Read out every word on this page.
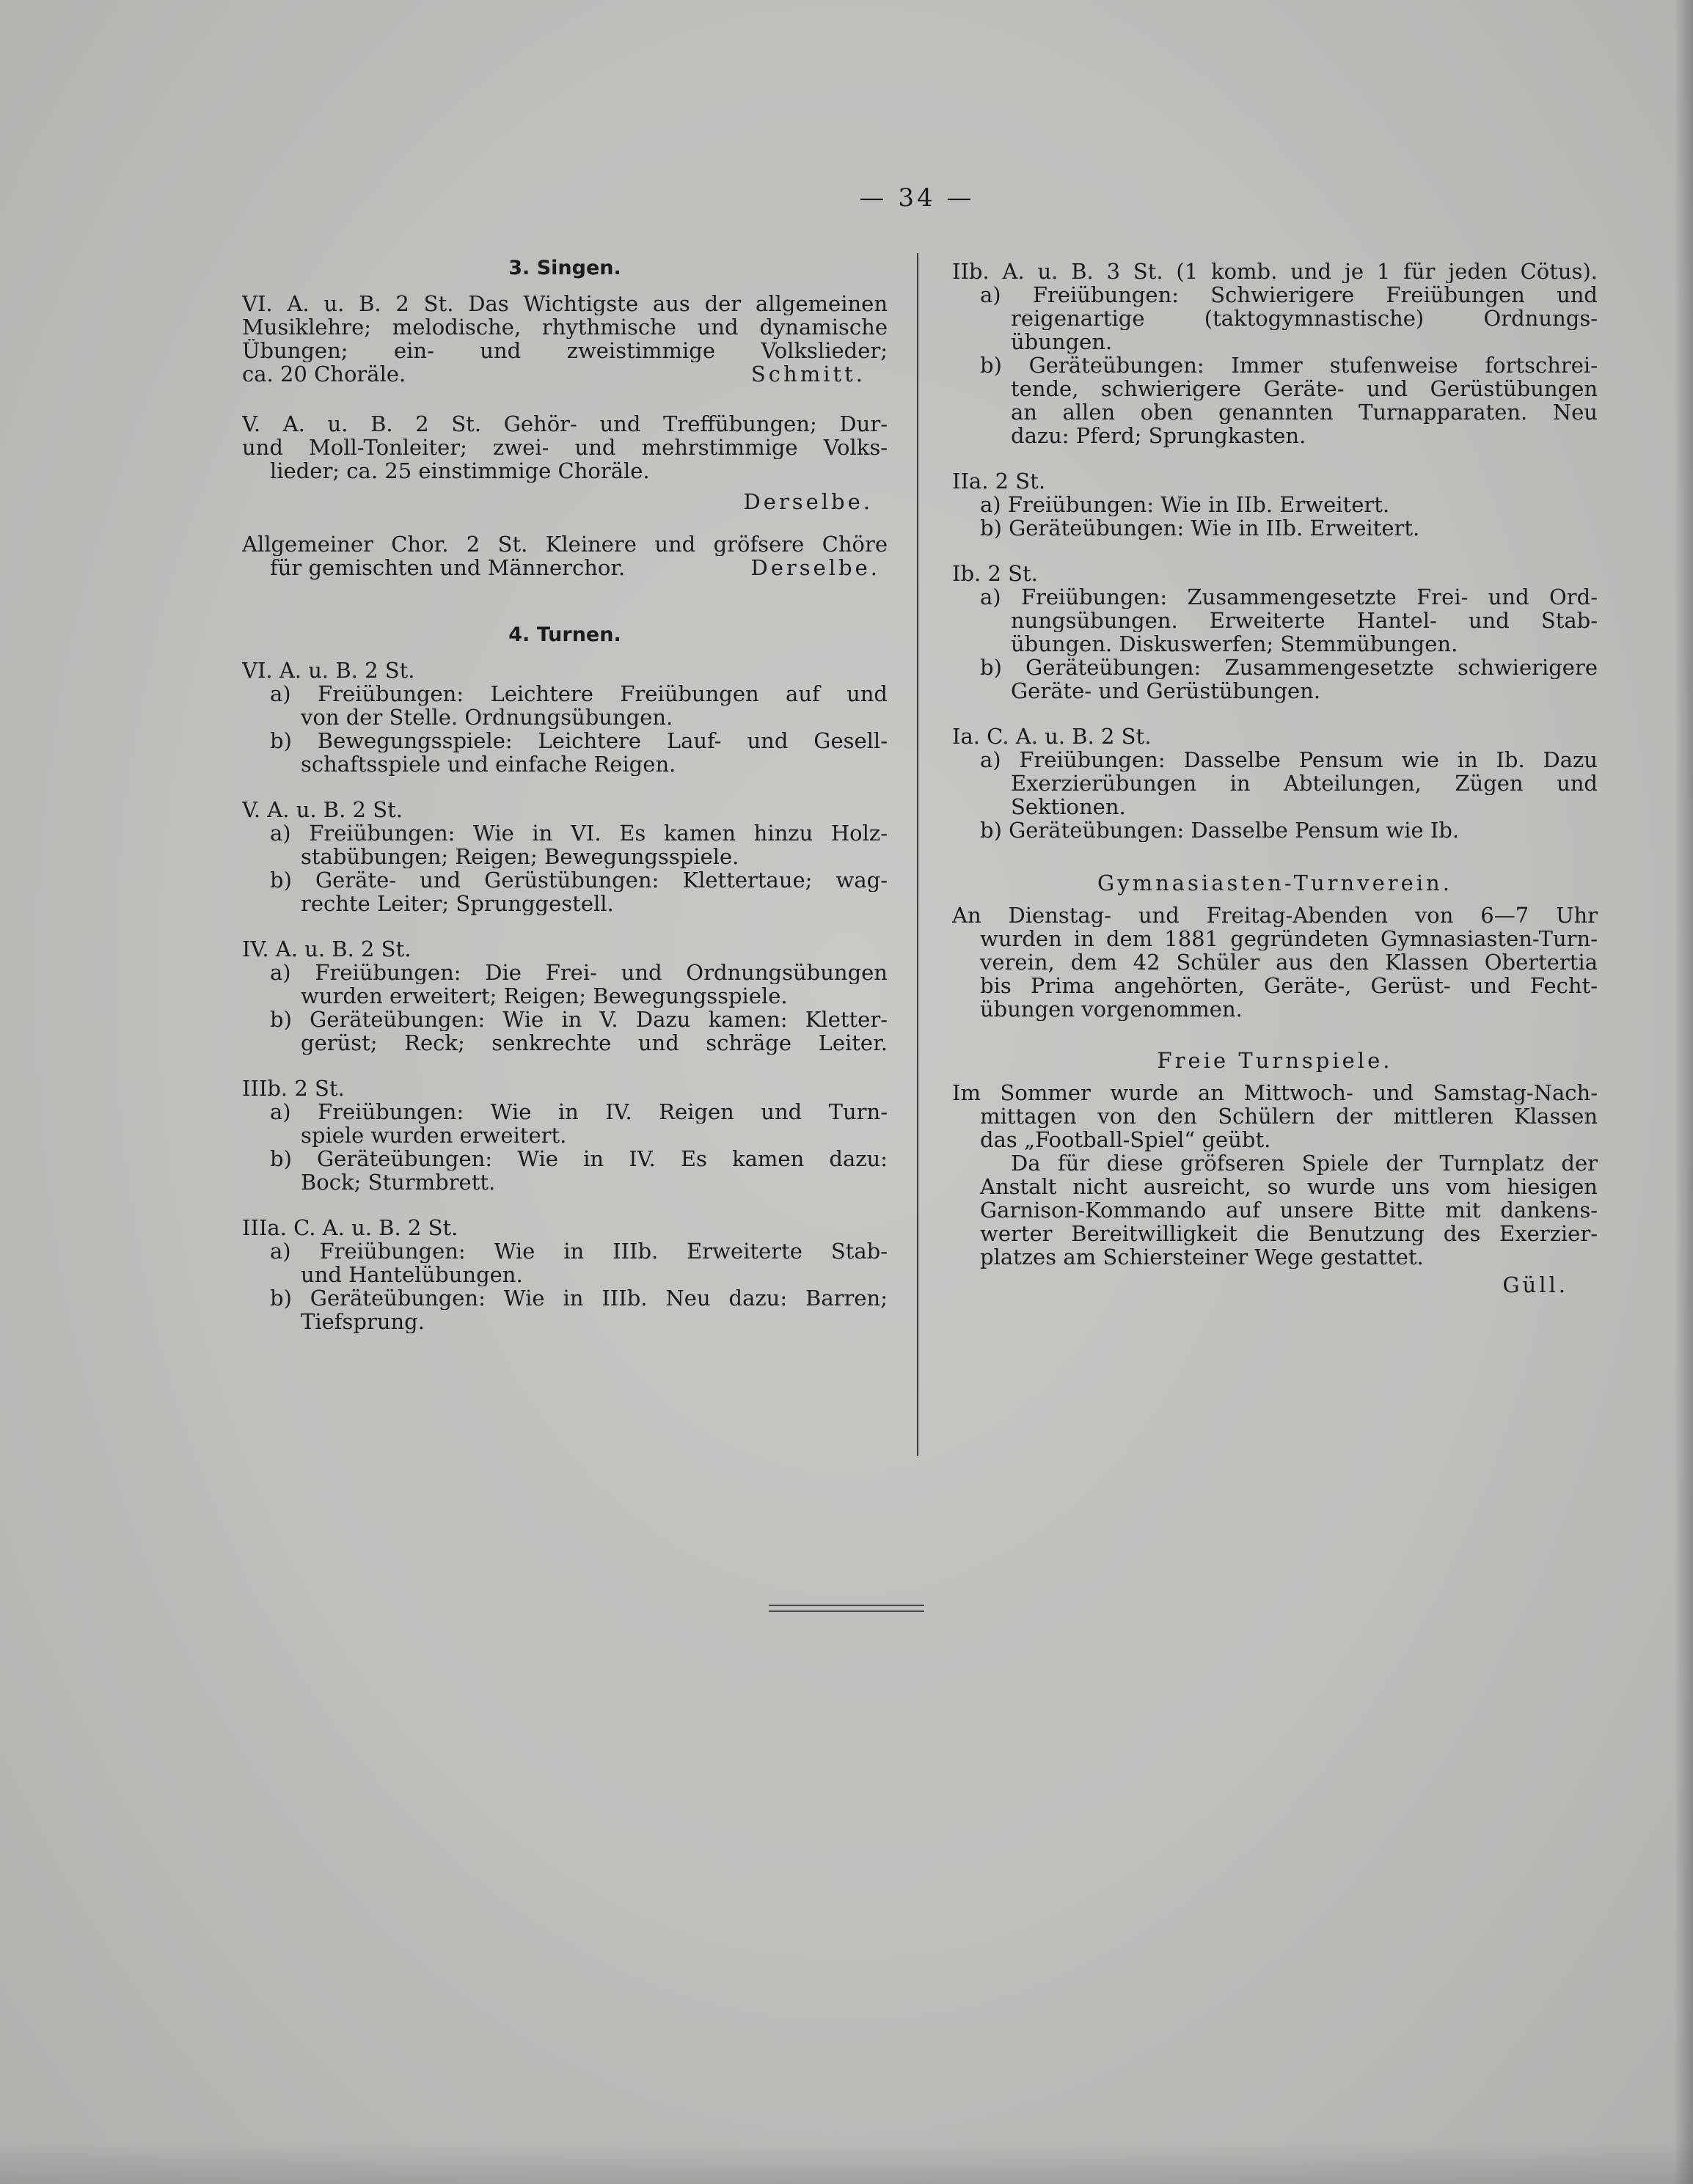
— 34 —
3. Singen.
VI. A. u. B. 2 St. Das Wichtigste aus der allgemeinen
Musiklehre; melodische, rhythmische und dynamische
Übungen; ein- und zweistimmige Volkslieder;
ca. 20 Choräle.	Schmitt.
V. A. u. B. 2 St. Gehör- und Treffübungen; Dur-
und Moll-Tonleiter; zwei- und mehrstimmige Volks-
lieder; ca. 25 einstimmige Choräle.
Derselbe.
Allgemeiner Chor. 2 St. Kleinere und gröfsere Chöre
für gemischten und Männerchor.	Derselbe.
4. Turnen.
VI. A. u. B. 2 St.
a) Freiübungen: Leichtere Freiübungen auf und
von der Stelle. Ordnungsübungen.
b) Bewegungsspiele: Leichtere Lauf- und Gesell-
schaftsspiele und einfache Reigen.
V. A. u. B. 2 St.
a) Freiübungen: Wie in VI. Es kamen hinzu Holz-
stabübungen; Reigen; Bewegungsspiele.
b) Geräte- und Gerüstübungen: Klettertaue; wag-
rechte Leiter; Sprunggestell.
IV. A. u. B. 2 St.
a) Freiübungen: Die Frei- und Ordnungsübungen
wurden erweitert; Reigen; Bewegungsspiele.
b) Geräteübungen: Wie in V. Dazu kamen: Kletter-
gerüst; Reck; senkrechte und schräge Leiter.
IIIb. 2 St.
a) Freiübungen: Wie in IV. Reigen und Turn-
spiele wurden erweitert.
b) Geräteübungen: Wie in IV. Es kamen dazu:
Bock; Sturmbrett.
IIIa. C. A. u. B. 2 St.
a) Freiübungen: Wie in IIIb. Erweiterte Stab-
und Hantelübungen.
b) Geräteübungen: Wie in IIIb. Neu dazu: Barren;
Tiefsprung.
IIb. A. u. B. 3 St. (1 komb. und je 1 für jeden Cötus).
a) Freiübungen: Schwierigere Freiübungen und
reigenartige (taktogymnastische) Ordnungs-
übungen.
b) Geräteübungen: Immer stufenweise fortschrei-
tende, schwierigere Geräte- und Gerüstübungen
an allen oben genannten Turnapparaten. Neu
dazu: Pferd; Sprungkasten.
IIa. 2 St.
a) Freiübungen: Wie in IIb. Erweitert.
b) Geräteübungen: Wie in IIb. Erweitert.
Ib. 2 St.
a) Freiübungen: Zusammengesetzte Frei- und Ord-
nungsübungen. Erweiterte Hantel- und Stab-
übungen. Diskuswerfen; Stemmübungen.
b) Geräteübungen: Zusammengesetzte schwierigere
Geräte- und Gerüstübungen.
Ia. C. A. u. B. 2 St.
a) Freiübungen: Dasselbe Pensum wie in Ib. Dazu
Exerzierübungen in Abteilungen, Zügen und
Sektionen.
b) Geräteübungen: Dasselbe Pensum wie Ib.
Gymnasiasten-Turnverein.
An Dienstag- und Freitag-Abenden von 6—7 Uhr
wurden in dem 1881 gegründeten Gymnasiasten-Turn-
verein, dem 42 Schüler aus den Klassen Obertertia
bis Prima angehörten, Geräte-, Gerüst- und Fecht-
übungen vorgenommen.
Freie Turnspiele.
Im Sommer wurde an Mittwoch- und Samstag-Nach-
mittagen von den Schülern der mittleren Klassen
das „Football-Spiel“ geübt.
Da für diese gröfseren Spiele der Turnplatz der
Anstalt nicht ausreicht, so wurde uns vom hiesigen
Garnison-Kommando auf unsere Bitte mit dankens-
werter Bereitwilligkeit die Benutzung des Exerzier-
platzes am Schiersteiner Wege gestattet.
Güll.
